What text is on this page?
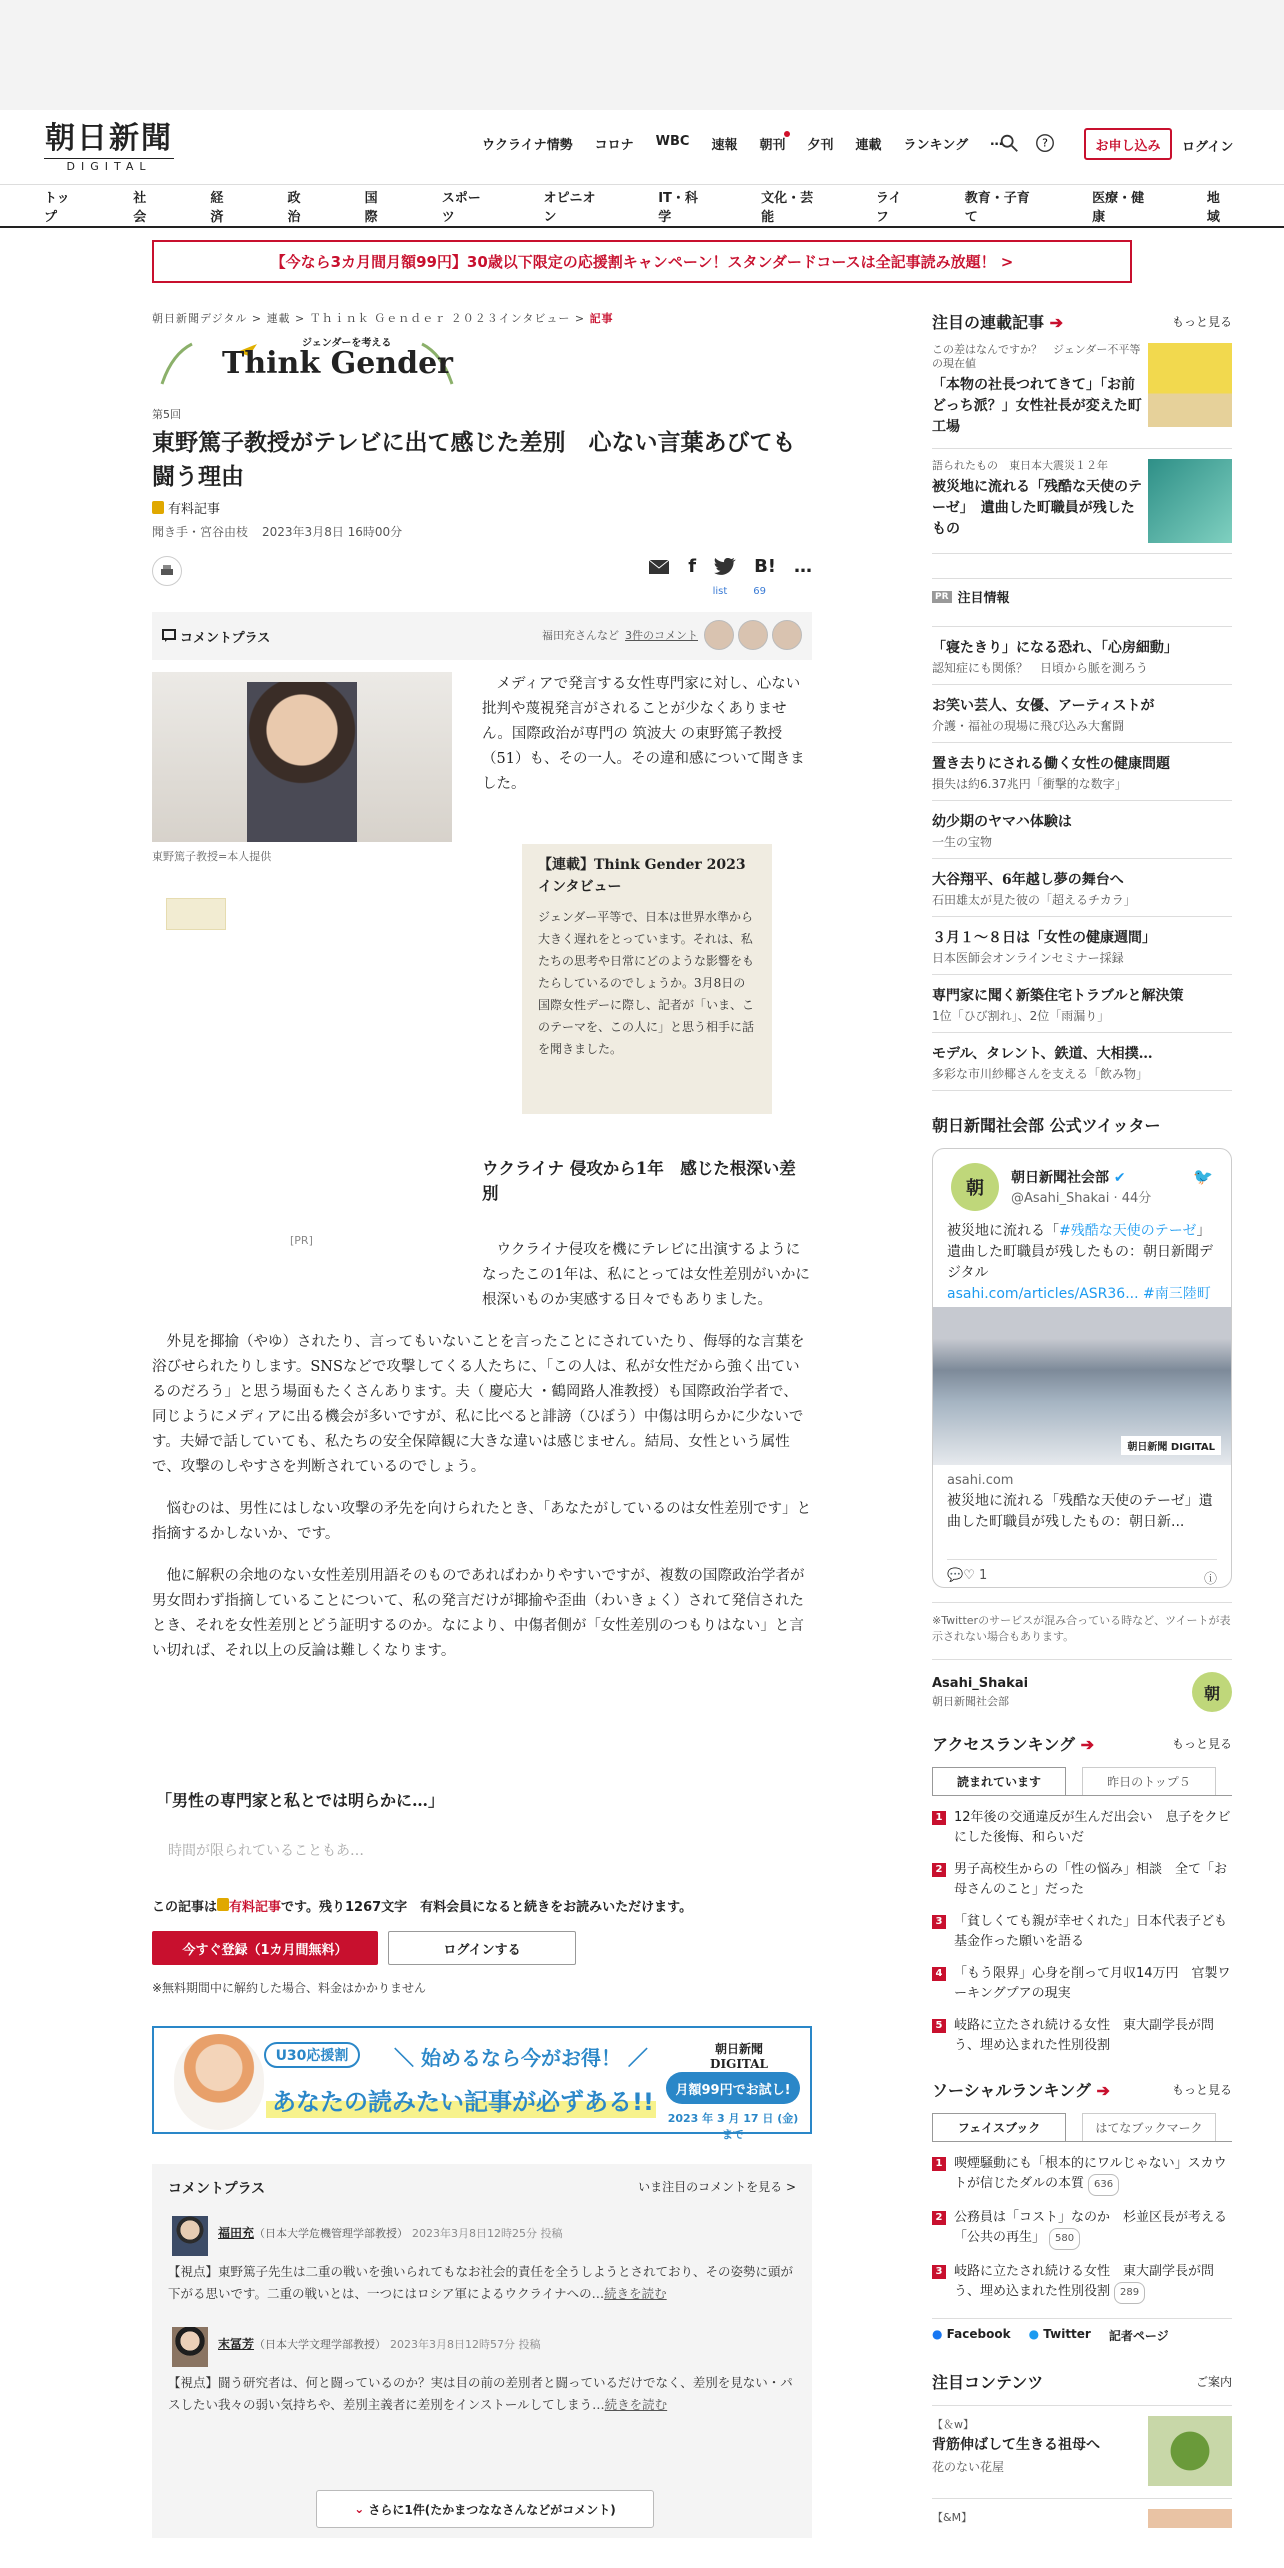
朝日新聞
DIGITAL
ウクライナ情勢 コロナ WBC 速報 朝刊 夕刊 連載 ランキング …	?	お申し込み	ログイン
トップ
社会
経済
政治
国際
スポーツ
オピニオン
IT・科学
文化・芸能
ライフ
教育・子育て
医療・健康
地域
【今なら3カ月間月額99円】30歳以下限定の応援割キャンペーン！スタンダードコースは全記事読み放題！ >
朝日新聞デジタル > 連載 > Ｔｈｉｎｋ Ｇｅｎｄｅｒ ２０２３インタビュー > 記事
ジェンダーを考える
Think Gender
第5回
東野篤子教授がテレビに出て感じた差別　心ない言葉あびても闘う理由
有料記事
聞き手・宮谷由枝 2023年3月8日 16時00分
f	B! …
list	69
コメントプラス	福田充さんなど 3件のコメント
東野篤子教授=本人提供
　メディアで発言する女性専門家に対し、心ない批判や蔑視発言がされることが少なくありません。国際政治が専門の 筑波大 の東野篤子教授（51）も、その一人。その違和感について聞きました。
【連載】Think Gender 2023インタビュー
ジェンダー平等で、日本は世界水準から大きく遅れをとっています。それは、私たちの思考や日常にどのような影響をもたらしているのでしょうか。3月8日の国際女性デーに際し、記者が「いま、このテーマを、この人に」と思う相手に話を聞きました。
ウクライナ 侵攻から1年　感じた根深い差別
[PR]

ウクライナ侵攻を機にテレビに出演するようになったこの1年は、私にとっては女性差別がいかに根深いものか実感する日々でもありました。

外見を揶揄（やゆ）されたり、言ってもいないことを言ったことにされていたり、侮辱的な言葉を浴びせられたりします。SNSなどで攻撃してくる人たちに、「この人は、私が女性だから強く出ているのだろう」と思う場面もたくさんあります。夫（ 慶応大 ・鶴岡路人准教授）も国際政治学者で、同じようにメディアに出る機会が多いですが、私に比べると誹謗（ひぼう）中傷は明らかに少ないです。夫婦で話していても、私たちの安全保障観に大きな違いは感じません。結局、女性という属性で、攻撃のしやすさを判断されているのでしょう。

悩むのは、男性にはしない攻撃の矛先を向けられたとき、「あなたがしているのは女性差別です」と指摘するかしないか、です。

他に解釈の余地のない女性差別用語そのものであればわかりやすいですが、複数の国際政治学者が男女問わず指摘していることについて、私の発言だけが揶揄や歪曲（わいきょく）されて発信されたとき、それを女性差別とどう証明するのか。なにより、中傷者側が「女性差別のつもりはない」と言い切れば、それ以上の反論は難しくなります。

「男性の専門家と私とでは明らかに…」
時間が限られていることもあ…
この記事は 有料記事です。残り1267文字　有料会員になると続きをお読みいただけます。
今すぐ登録（1カ月間無料）	ログインする
※無料期間中に解約した場合、料金はかかりません
U30応援割	＼ 始めるなら今がお得！ ／
あなたの読みたい記事が必ずある!!
朝日新聞 DIGITAL
月額99円でお試し!
2023 年 3 月 17 日 (金) まで
コメントプラス	いま注目のコメントを見る >
福田充（日本大学危機管理学部教授） 2023年3月8日12時25分 投稿
【視点】東野篤子先生は二重の戦いを強いられてもなお社会的責任を全うしようとされており、その姿勢に頭が下がる思いです。二重の戦いとは、一つにはロシア軍によるウクライナへの…続きを読む
末冨芳（日本大学文理学部教授） 2023年3月8日12時57分 投稿
【視点】闘う研究者は、何と闘っているのか？実は目の前の差別者と闘っているだけでなく、差別を見ない・パスしたい我々の弱い気持ちや、差別主義者に差別をインストールしてしまう…続きを読む
⌄ さらに1件(たかまつななさんなどがコメント)
注目の連載記事 ➔	もっと見る
この差はなんですか？　ジェンダー不平等の現在値
「本物の社長つれてきて」「お前どっち派？」女性社長が変えた町工場
語られたもの　東日本大震災１２年
被災地に流れる「残酷な天使のテーゼ」　遺曲した町職員が残したもの
PR 注目情報
「寝たきり」になる恐れ、「心房細動」
認知症にも関係？　日頃から脈を測ろう
お笑い芸人、女優、アーティストが
介護・福祉の現場に飛び込み大奮闘
置き去りにされる働く女性の健康問題
損失は約6.37兆円「衝撃的な数字」
幼少期のヤマハ体験は
一生の宝物
大谷翔平、6年越し夢の舞台へ
石田雄太が見た彼の「超えるチカラ」
３月１～８日は「女性の健康週間」
日本医師会オンラインセミナー採録
専門家に聞く新築住宅トラブルと解決策
1位「ひび割れ」、2位「雨漏り」
モデル、タレント、鉄道、大相撲…
多彩な市川紗椰さんを支える「飲み物」
朝日新聞社会部 公式ツイッター
朝	朝日新聞社会部 ✔
@Asahi_Shakai · 44分
🐦
被災地に流れる「#残酷な天使のテーゼ」　遺曲した町職員が残したもの：朝日新聞デジタル
asahi.com/articles/ASR36... #南三陸町
朝日新聞 DIGITAL
asahi.com
被災地に流れる「残酷な天使のテーゼ」遺曲した町職員が残したもの：朝日新...
💬 ♡ 1	ⓘ
※Twitterのサービスが混み合っている時など、ツイートが表示されない場合もあります。
Asahi_Shakai
朝日新聞社会部	朝
アクセスランキング ➔	もっと見る
読まれています	昨日のトップ５
1 12年後の交通違反が生んだ出会い　息子をクビにした後悔、和らいだ
2 男子高校生からの「性の悩み」相談　全て「お母さんのこと」だった
3 「貧しくても親が幸せくれた」日本代表子ども基金作った願いを語る
4 「もう限界」心身を削って月収14万円　官製ワーキングプアの現実
5 岐路に立たされ続ける女性　東大副学長が問う、埋め込まれた性別役割
ソーシャルランキング ➔	もっと見る
フェイスブック	はてなブックマーク
1 喫煙騒動にも「根本的にワルじゃない」スカウトが信じたダルの本質 636
2 公務員は「コスト」なのか　杉並区長が考える「公共の再生」 580
3 岐路に立たされ続ける女性　東大副学長が問う、埋め込まれた性別役割 289
● Facebook ● Twitter 記者ページ
注目コンテンツ	ご案内
【＆w】
背筋伸ばして生きる祖母へ
花のない花屋
【&M】
